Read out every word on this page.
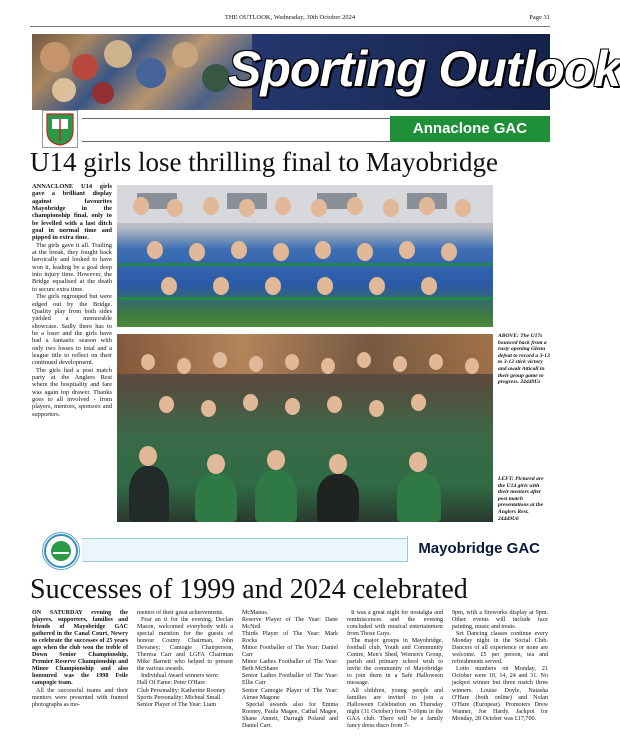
THE OUTLOOK, Wednesday, 30th October 2024	Page 31
Sporting Outlook
Annaclone GAC
U14 girls lose thrilling final to Mayobridge

ANNACLONE U14 girls gave a brilliant display against favourites Mayobridge in the championship final, only to be levelled with a last ditch goal in normal time and pipped in extra time.

The girls gave it all. Trailing at the break, they fought back heroically and looked to have won it, leading by a goal deep into injury time. However, the Bridge equalised at the death to secure extra time.

The girls regrouped but were edged out by the Bridge. Quality play from both sides yielded a memorable showcase. Sadly there has to be a loser and the girls have had a fantastic season with only two losses to total and a league title to reflect on their continued development.

The girls had a post match party at the Anglers Rest where the hospitality and fare was again top drawer. Thanks goes to all involved - from players, mentors, sponsors and supporters.

ABOVE: The U17s bounced back from a rusty opening Glenn defeat to record a 3-13 to 3-12 stick victory and await Atticall in their group game to progress. 24449Us
LEFT: Pictured are the U14 girls with their mentors after post match presentations at the Anglers Rest. 24449U6
Mayobridge GAC
Successes of 1999 and 2024 celebrated

ON SATURDAY evening the players, supporters, families and friends of Mayobridge GAC gathered in the Canal Court, Newry to celebrate the successes of 25 years ago when the club won the treble of Down Senior Championship, Premier Reserve Championship and Minor Championship and also honoured was the 1998 Feile campogie team.

All the successful teams and their mentors were presented with framed photographs as mo-

mentos of their great achievements.

Fear an ti for the evening, Declan Mason, welcomed everybody with a special mention for the guests of honour County Chairman, John Devaney; Camogie Chairperson, Theresa Carr and LGFA Chairman Mike Barnett who helped to present the various awards.

Individual Award winners were:

Hall Of Fame: Peter O'Hare

Club Personality: Katherine Rooney

Sports Personality: Micheal Small

Senior Player of The Year: Liam

McManus.

Reserve Player of The Year: Dane McNeil

Thirds Player of The Year: Mark Rocks

Minor Footballer of The Year: Daniel Carr

Minor Ladies Footballer of The Year: Beth McShane

Senior Ladies Footballer of The Year: Ellie Carr

Senior Camogie Player of The Year: Aimee Magone

Special awards also for Emma Rooney, Paula Magee, Cathal Magee, Shane Annett, Darragh Poland and Daniel Carr.

It was a great night for nostalgia and reminiscences and the evening concluded with musical entertainment from Those Guys.

The major groups in Mayobridge, football club, Youth and Community Centre, Men's Shed, Women's Group, parish and primary school wish to invite the community of Mayobridge to join them in a Safe Halloween message.

All children, young people and families are invited to join a Halloween Celebration on Thursday night (31 October) from 7-10pm in the GAA club. There will be a family fancy dress disco from 7-

9pm, with a fireworks display at 9pm. Other events will include face painting, music and treats.

Set Dancing classes continue every Monday night in the Social Club. Dancers of all experience or none are welcome. £5 per person, tea and refreshments served.

Lotto numbers on Monday, 21 October were 10, 14, 24 and 31. No jackpot winner but three match three winners. Louise Doyle, Natasha O'Hare (both online) and Nolan O'Hare (Europear). Promoters Drew Wanner, Joe Hardy. Jackpot for Monday, 28 October was £17,700.
